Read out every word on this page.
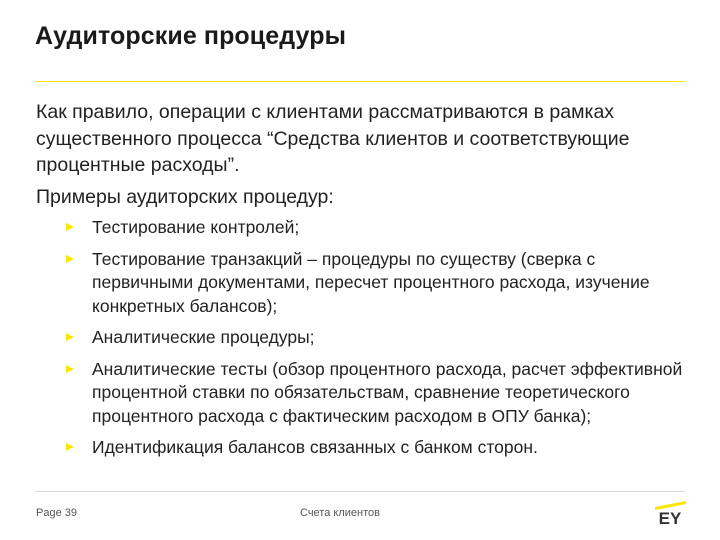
Аудиторские процедуры

Как правило, операции с клиентами рассматриваются в рамках существенного процесса “Средства клиентов и соответствующие процентные расходы”.

Примеры аудиторских процедур:

Тестирование контролей;
Тестирование транзакций – процедуры по существу (сверка с первичными документами, пересчет процентного расхода, изучение конкретных балансов);
Аналитические процедуры;
Аналитические тесты (обзор процентного расхода, расчет эффективной процентной ставки по обязательствам, сравнение теоретического процентного расхода с фактическим расходом в ОПУ банка);
Идентификация балансов связанных с банком сторон.
Page 39	Счета клиентов	EY
